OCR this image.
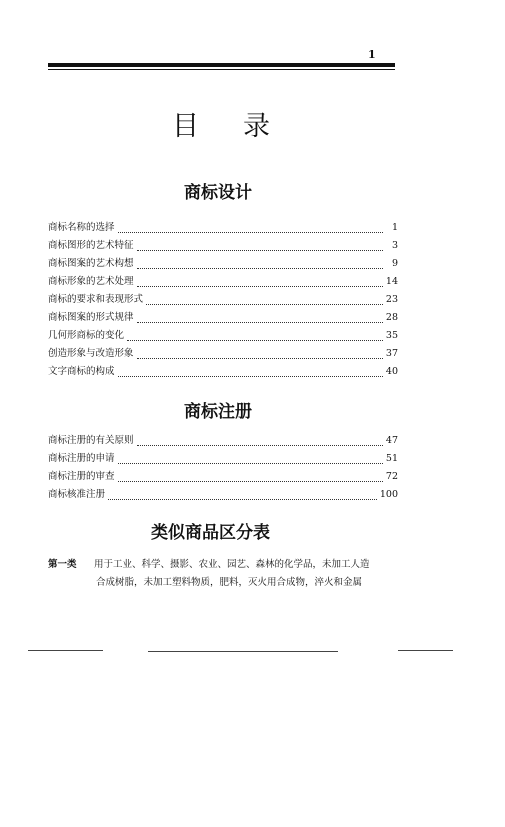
1
目录
商标设计
商标名称的选择	1
商标图形的艺术特征	3
商标图案的艺术构想	9
商标形象的艺术处理	14
商标的要求和表现形式	23
商标图案的形式规律	28
几何形商标的变化	35
创造形象与改造形象	37
文字商标的构成	40
商标注册
商标注册的有关原则	47
商标注册的申请	51
商标注册的审查	72
商标核准注册	100
类似商品区分表
第一类 用于工业、科学、摄影、农业、园艺、森林的化学品，未加工人造
合成树脂，未加工塑料物质，肥料，灭火用合成物，淬火和金属
